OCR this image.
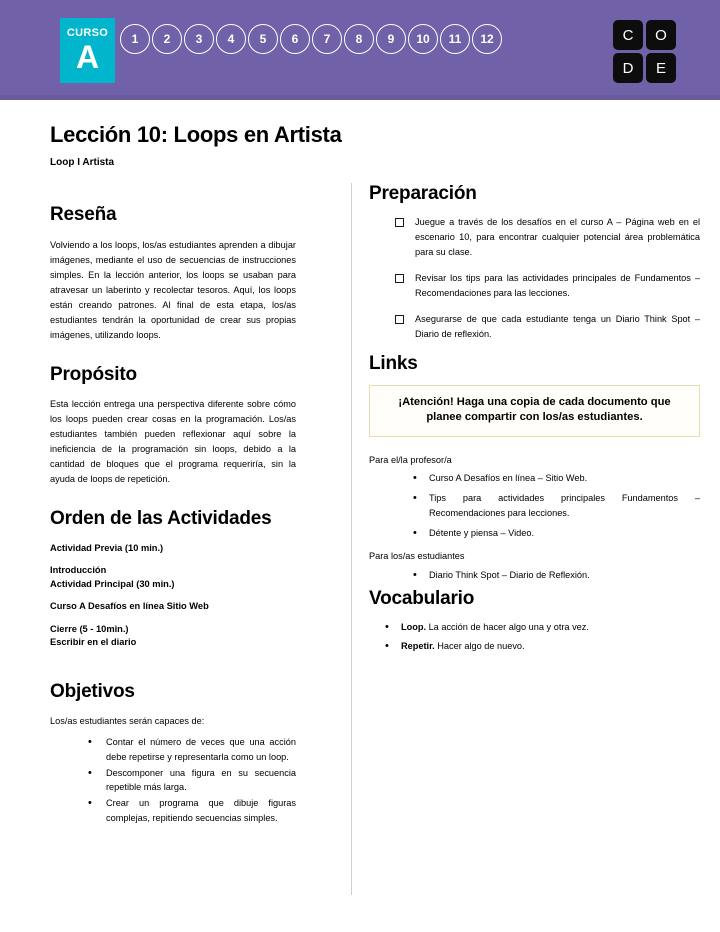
CURSO
A	1	2	3	4	5	6	7	8	9	10	11	12	C	O
D	E
Lección 10: Loops en Artista

Loop I Artista

Reseña

Volviendo a los loops, los/as estudiantes aprenden a dibujar imágenes, mediante el uso de secuencias de instrucciones simples. En la lección anterior, los loops se usaban para atravesar un laberinto y recolectar tesoros. Aquí, los loops están creando patrones. Al final de esta etapa, los/as estudiantes tendrán la oportunidad de crear sus propias imágenes, utilizando loops.

Propósito

Esta lección entrega una perspectiva diferente sobre cómo los loops pueden crear cosas en la programación. Los/as estudiantes también pueden reflexionar aquí sobre la ineficiencia de la programación sin loops, debido a la cantidad de bloques que el programa requeriría, sin la ayuda de loops de repetición.

Orden de las Actividades
Actividad Previa (10 min.)
Introducción
Actividad Principal (30 min.)
Curso A Desafíos en línea Sitio Web
Cierre (5 - 10min.)
Escribir en el diario
Objetivos

Los/as estudiantes serán capaces de:

• Contar el número de veces que una acción debe repetirse y representarla como un loop.
• Descomponer una figura en su secuencia repetible más larga.
• Crear un programa que dibuje figuras complejas, repitiendo secuencias simples.
Preparación
Juegue a través de los desafíos en el curso A – Página web en el escenario 10, para encontrar cualquier potencial área problemática para su clase.
Revisar los tips para las actividades principales de Fundamentos – Recomendaciones para las lecciones.
Asegurarse de que cada estudiante tenga un Diario Think Spot – Diario de reflexión.
Links

¡Atención! Haga una copia de cada documento que planee compartir con los/as estudiantes.

Para el/la profesor/a

• Curso A Desafíos en línea – Sitio Web.
• Tips para actividades principales Fundamentos – Recomendaciones para lecciones.
• Détente y piensa – Video.

Para los/as estudiantes

• Diario Think Spot – Diario de Reflexión.
Vocabulario
• Loop. La acción de hacer algo una y otra vez.
• Repetir. Hacer algo de nuevo.
